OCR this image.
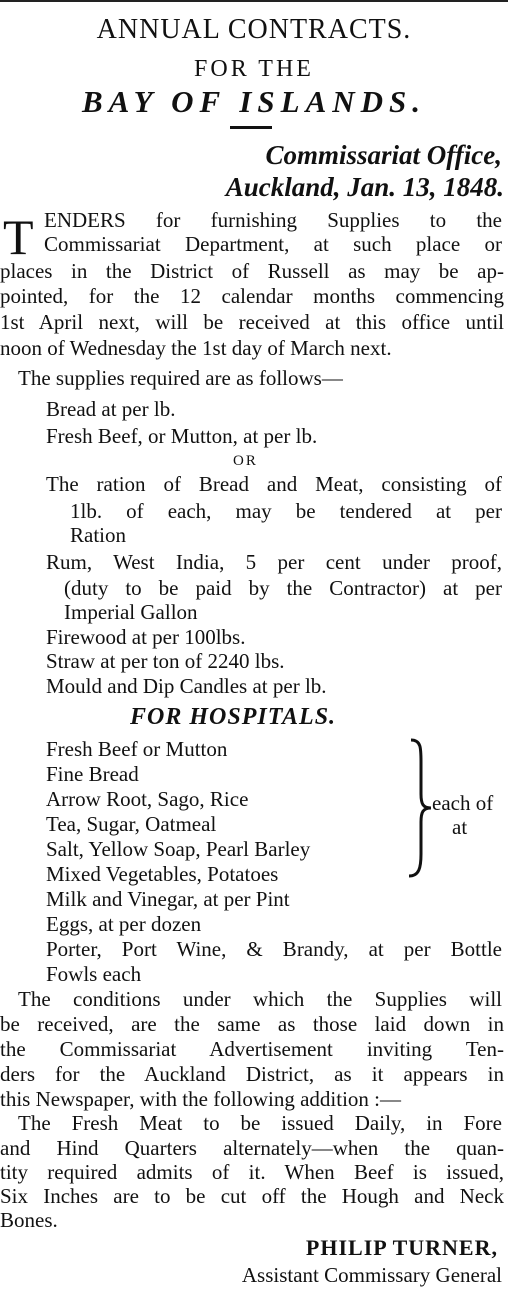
ANNUAL CONTRACTS.
FOR THE
BAY OF ISLANDS.
Commissariat Office,
Auckland, Jan. 13, 1848.
T ENDERS for furnishing Supplies to the
Commissariat Department, at such place or
places in the District of Russell as may be ap-
pointed, for the 12 calendar months commencing
1st April next, will be received at this office until
noon of Wednesday the 1st day of March next.
The supplies required are as follows—
Bread at per lb.
Fresh Beef, or Mutton, at per lb.
OR
The ration of Bread and Meat, consisting of
1lb. of each, may be tendered at per
Ration
Rum, West India, 5 per cent under proof,
(duty to be paid by the Contractor) at per
Imperial Gallon
Firewood at per 100lbs.
Straw at per ton of 2240 lbs.
Mould and Dip Candles at per lb.
FOR HOSPITALS.
Fresh Beef or Mutton
Fine Bread
Arrow Root, Sago, Rice
Tea, Sugar, Oatmeal
Salt, Yellow Soap, Pearl Barley
Mixed Vegetables, Potatoes
each of
at
Milk and Vinegar, at per Pint
Eggs, at per dozen
Porter, Port Wine, & Brandy, at per Bottle
Fowls each
The conditions under which the Supplies will
be received, are the same as those laid down in
the Commissariat Advertisement inviting Ten-
ders for the Auckland District, as it appears in
this Newspaper, with the following addition :—
The Fresh Meat to be issued Daily, in Fore
and Hind Quarters alternately—when the quan-
tity required admits of it. When Beef is issued,
Six Inches are to be cut off the Hough and Neck
Bones.
PHILIP TURNER,
Assistant Commissary General
